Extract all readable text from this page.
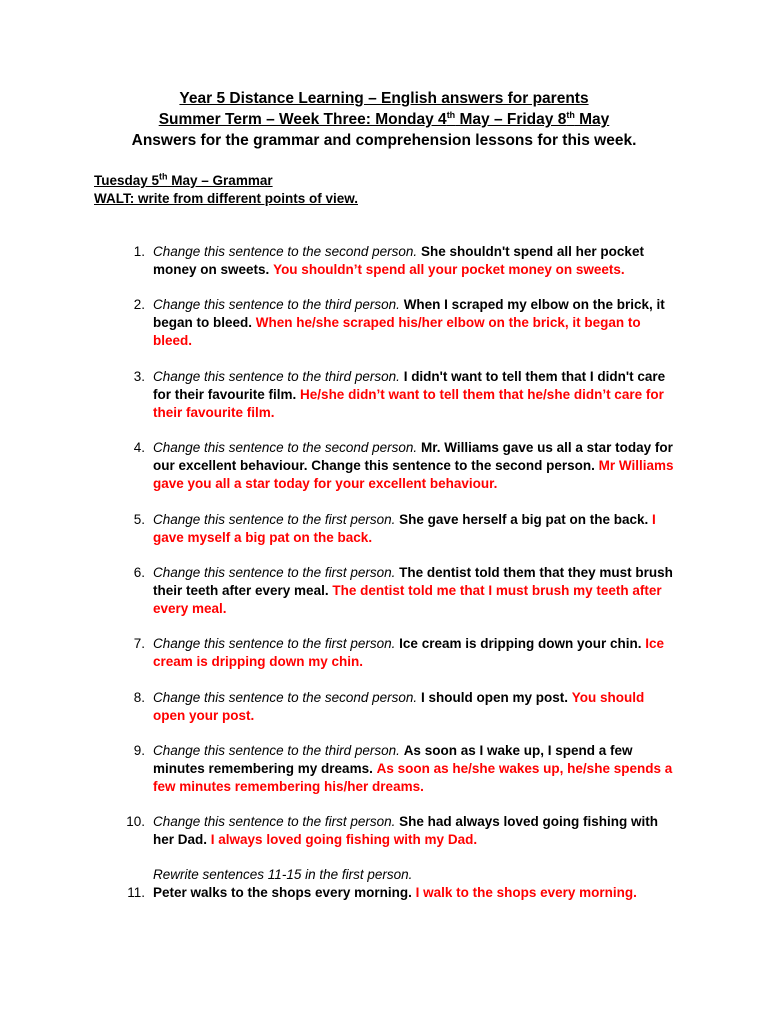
Year 5 Distance Learning – English answers for parents
Summer Term – Week Three: Monday 4th May – Friday 8th May
Answers for the grammar and comprehension lessons for this week.
Tuesday 5th May – Grammar
WALT: write from different points of view.
1. Change this sentence to the second person. She shouldn't spend all her pocket money on sweets. You shouldn’t spend all your pocket money on sweets.
2. Change this sentence to the third person. When I scraped my elbow on the brick, it began to bleed. When he/she scraped his/her elbow on the brick, it began to bleed.
3. Change this sentence to the third person. I didn't want to tell them that I didn't care for their favourite film. He/she didn’t want to tell them that he/she didn’t care for their favourite film.
4. Change this sentence to the second person. Mr. Williams gave us all a star today for our excellent behaviour. Change this sentence to the second person. Mr Williams gave you all a star today for your excellent behaviour.
5. Change this sentence to the first person. She gave herself a big pat on the back. I gave myself a big pat on the back.
6. Change this sentence to the first person. The dentist told them that they must brush their teeth after every meal. The dentist told me that I must brush my teeth after every meal.
7. Change this sentence to the first person. Ice cream is dripping down your chin. Ice cream is dripping down my chin.
8. Change this sentence to the second person. I should open my post. You should open your post.
9. Change this sentence to the third person. As soon as I wake up, I spend a few minutes remembering my dreams. As soon as he/she wakes up, he/she spends a few minutes remembering his/her dreams.
10. Change this sentence to the first person. She had always loved going fishing with her Dad. I always loved going fishing with my Dad.
Rewrite sentences 11-15 in the first person.
11. Peter walks to the shops every morning. I walk to the shops every morning.
